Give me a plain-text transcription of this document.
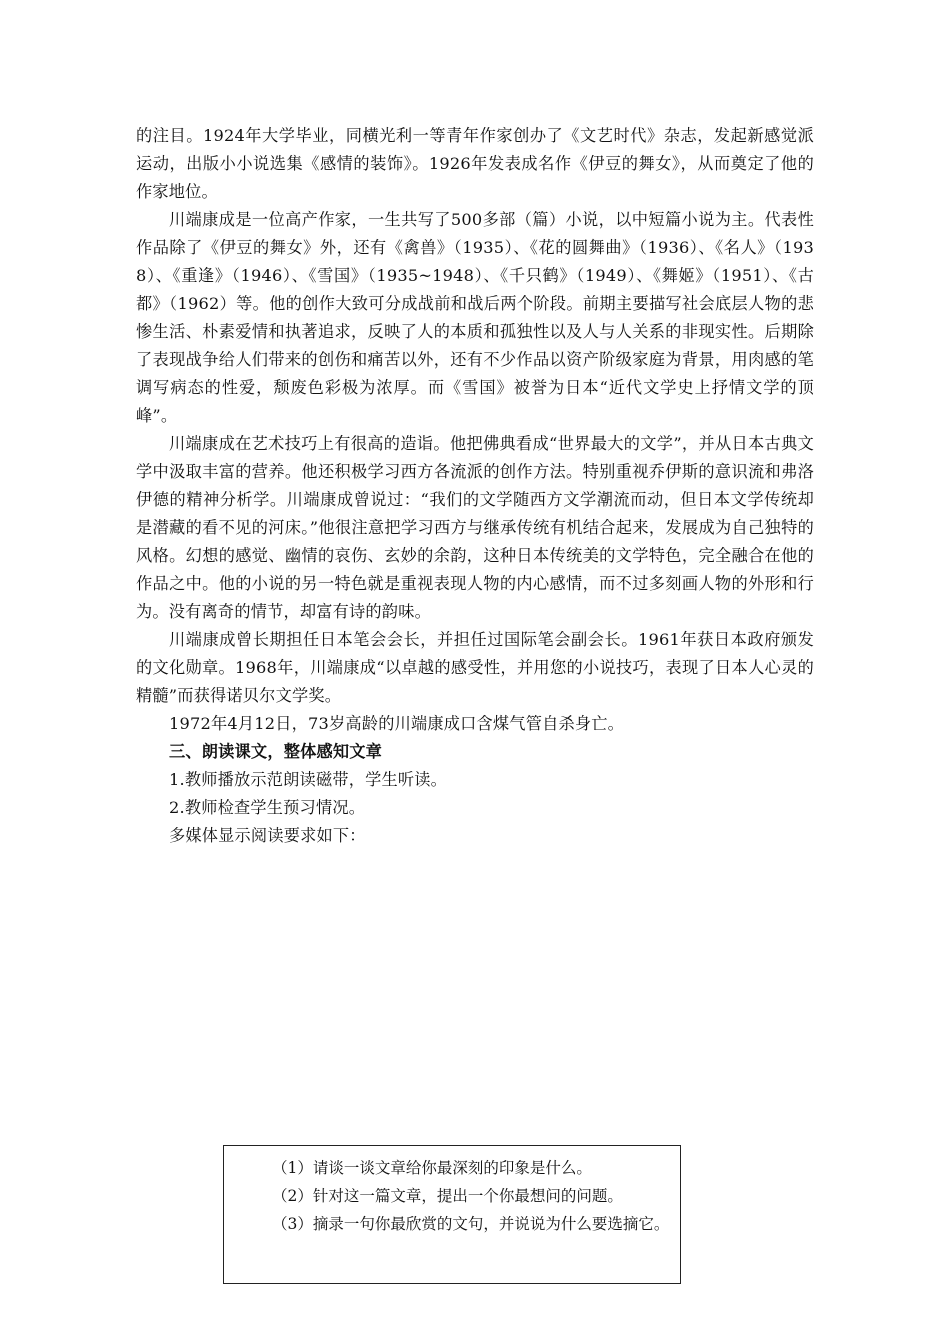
的注目。1924年大学毕业，同横光利一等青年作家创办了《文艺时代》杂志，发起新感觉派运动，出版小小说选集《感情的装饰》。1926年发表成名作《伊豆的舞女》，从而奠定了他的作家地位。

川端康成是一位高产作家，一生共写了500多部（篇）小说，以中短篇小说为主。代表性作品除了《伊豆的舞女》外，还有《禽兽》（1935）、《花的圆舞曲》（1936）、《名人》（1938）、《重逢》（1946）、《雪国》（1935~1948）、《千只鹤》（1949）、《舞姬》（1951）、《古都》（1962）等。他的创作大致可分成战前和战后两个阶段。前期主要描写社会底层人物的悲惨生活、朴素爱情和执著追求，反映了人的本质和孤独性以及人与人关系的非现实性。后期除了表现战争给人们带来的创伤和痛苦以外，还有不少作品以资产阶级家庭为背景，用肉感的笔调写病态的性爱，颓废色彩极为浓厚。而《雪国》被誉为日本“近代文学史上抒情文学的顶峰”。

川端康成在艺术技巧上有很高的造诣。他把佛典看成“世界最大的文学”，并从日本古典文学中汲取丰富的营养。他还积极学习西方各流派的创作方法。特别重视乔伊斯的意识流和弗洛伊德的精神分析学。川端康成曾说过：“我们的文学随西方文学潮流而动，但日本文学传统却是潜藏的看不见的河床。”他很注意把学习西方与继承传统有机结合起来，发展成为自己独特的风格。幻想的感觉、幽情的哀伤、玄妙的余韵，这种日本传统美的文学特色，完全融合在他的作品之中。他的小说的另一特色就是重视表现人物的内心感情，而不过多刻画人物的外形和行为。没有离奇的情节，却富有诗的韵味。

川端康成曾长期担任日本笔会会长，并担任过国际笔会副会长。1961年获日本政府颁发的文化勋章。1968年，川端康成“以卓越的感受性，并用您的小说技巧，表现了日本人心灵的精髓”而获得诺贝尔文学奖。

1972年4月12日，73岁高龄的川端康成口含煤气管自杀身亡。

三、朗读课文，整体感知文章

1.教师播放示范朗读磁带，学生听读。

2.教师检查学生预习情况。

多媒体显示阅读要求如下：

（1）请谈一谈文章给你最深刻的印象是什么。

（2）针对这一篇文章，提出一个你最想问的问题。

（3）摘录一句你最欣赏的文句，并说说为什么要选摘它。
